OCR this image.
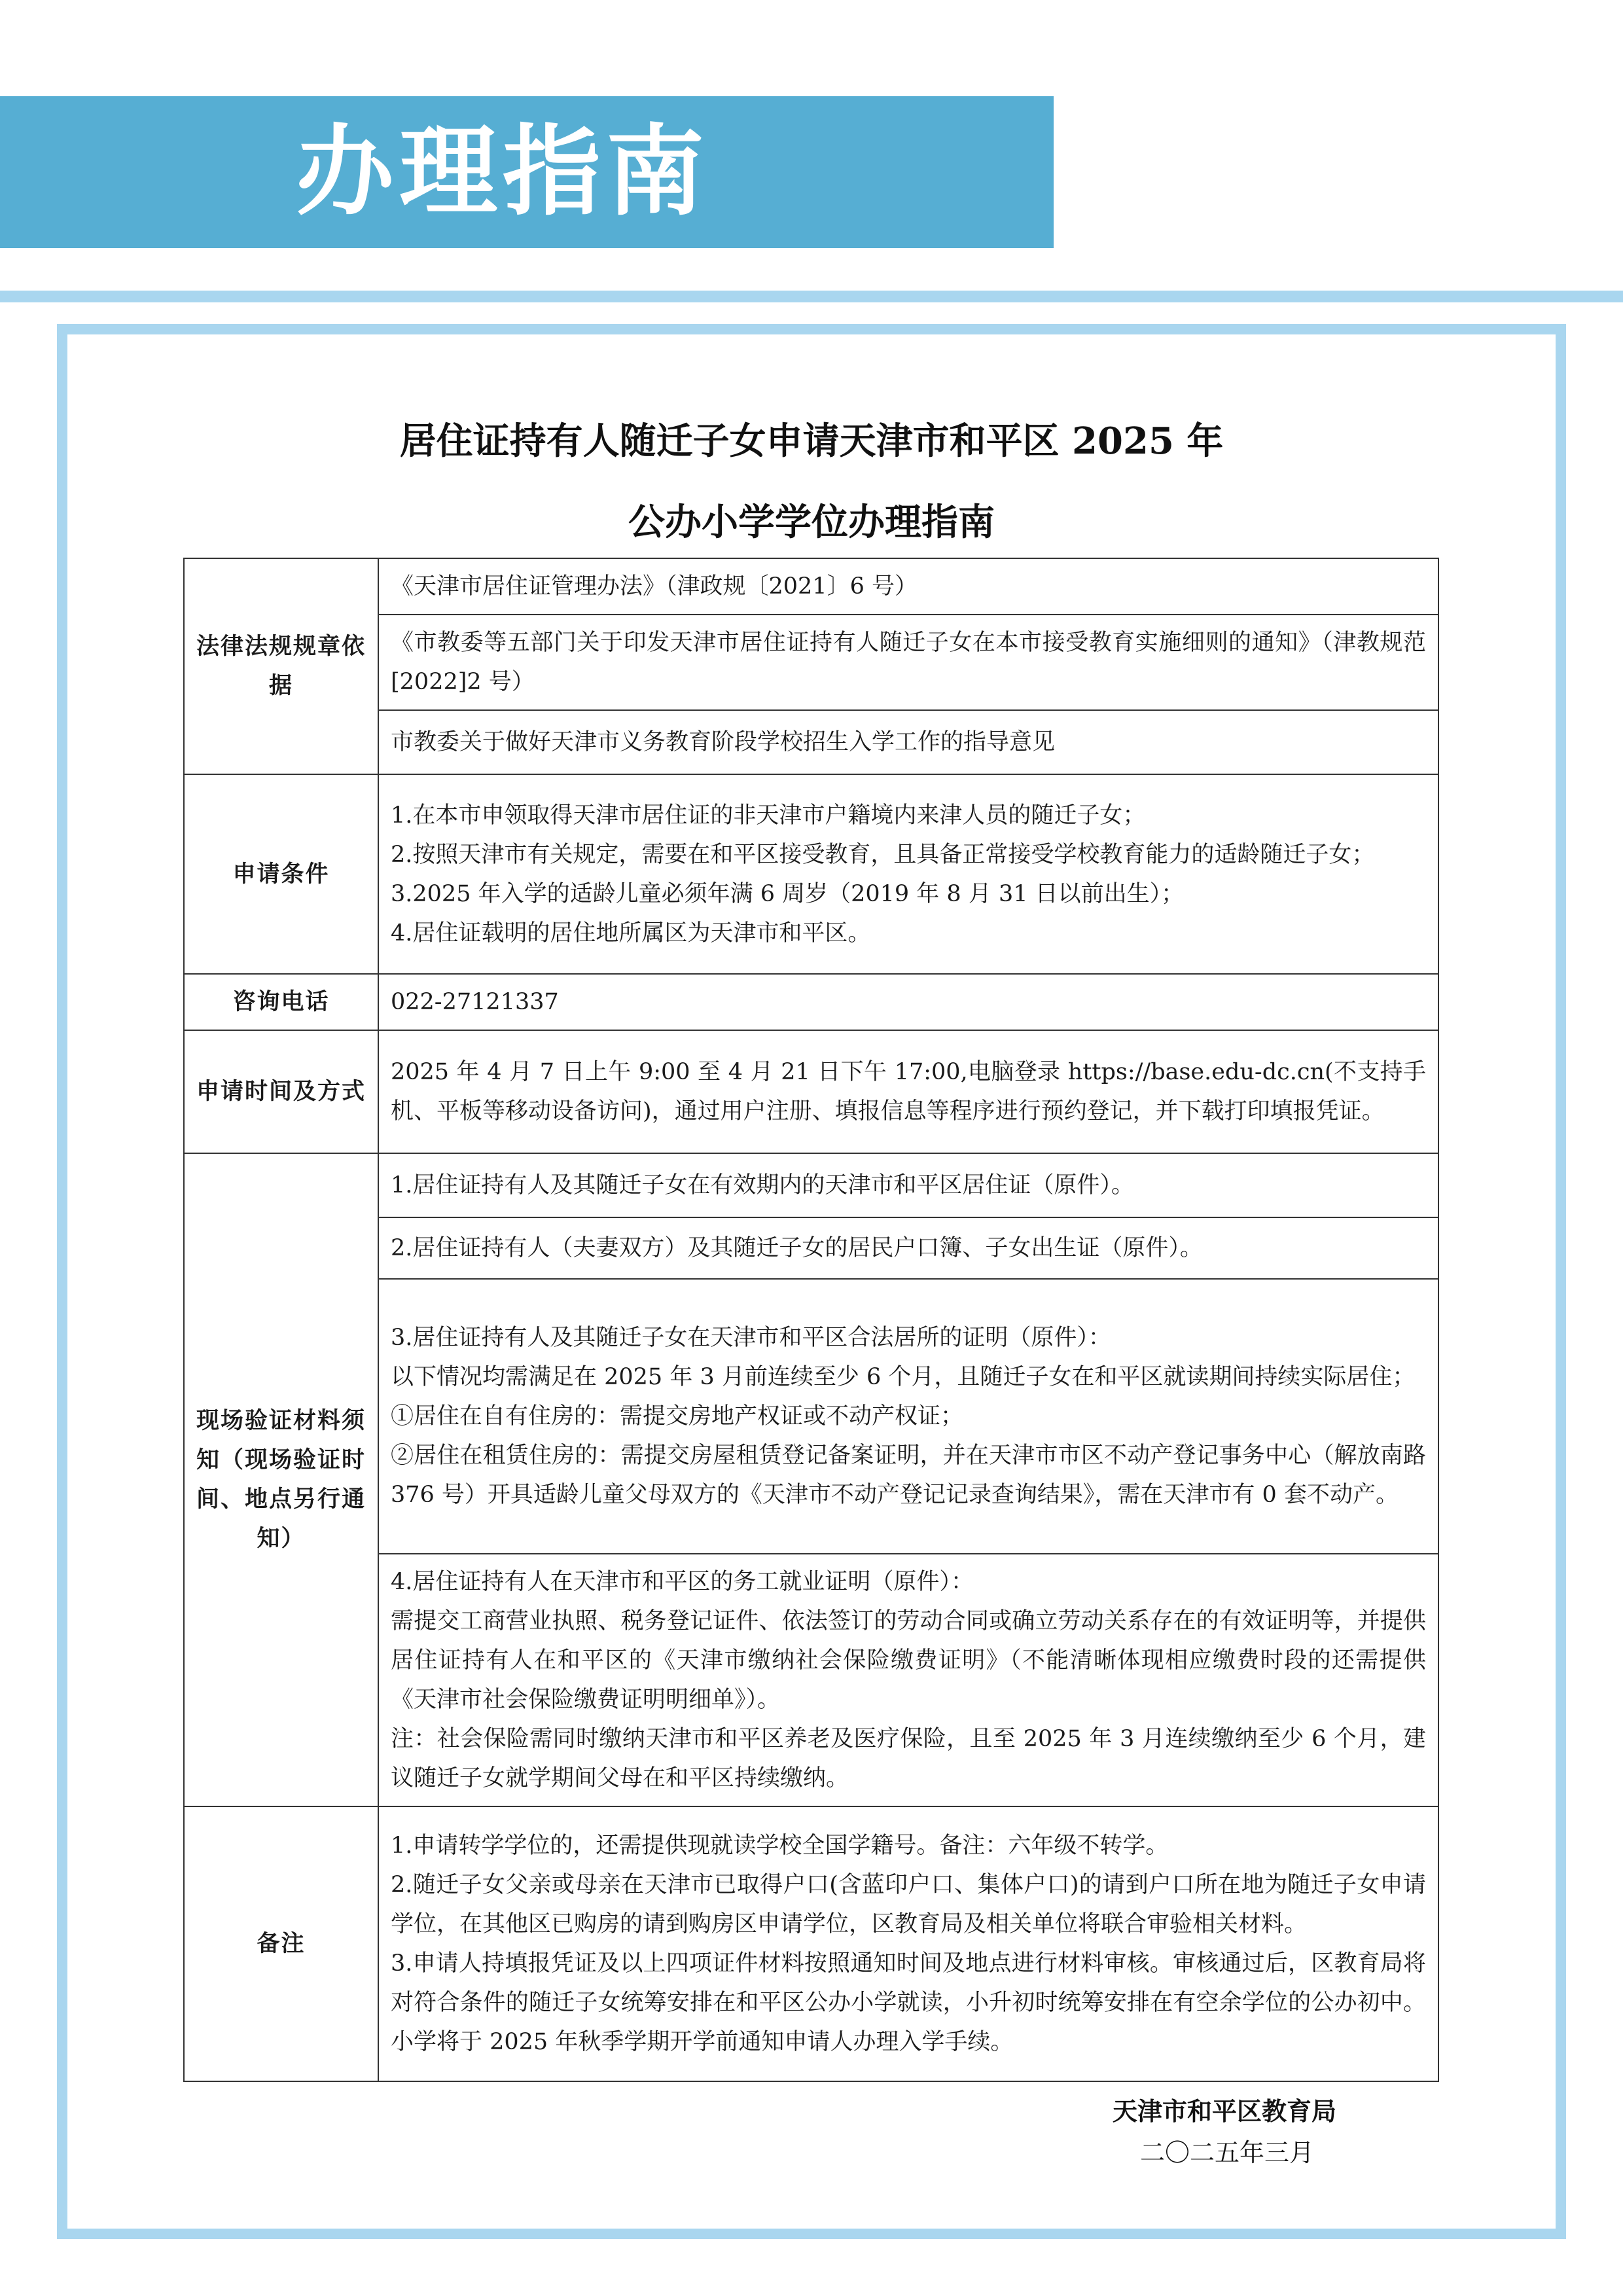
办理指南
居住证持有人随迁子女申请天津市和平区 2025 年
公办小学学位办理指南
法律法规规章依据	《天津市居住证管理办法》（津政规〔2021〕6 号）
	《市教委等五部门关于印发天津市居住证持有人随迁子女在本市接受教育实施细则的通知》（津教规范[2022]2 号）
	市教委关于做好天津市义务教育阶段学校招生入学工作的指导意见
申请条件	1.在本市申领取得天津市居住证的非天津市户籍境内来津人员的随迁子女；

2.按照天津市有关规定，需要在和平区接受教育，且具备正常接受学校教育能力的适龄随迁子女；

3.2025 年入学的适龄儿童必须年满 6 周岁（2019 年 8 月 31 日以前出生）；

4.居住证载明的居住地所属区为天津市和平区。

咨询电话	022-27121337
申请时间及方式	2025 年 4 月 7 日上午 9:00 至 4 月 21 日下午 17:00,电脑登录 https://base.edu-dc.cn(不支持手机、平板等移动设备访问)，通过用户注册、填报信息等程序进行预约登记，并下载打印填报凭证。
现场验证材料须知（现场验证时间、地点另行通知）	1.居住证持有人及其随迁子女在有效期内的天津市和平区居住证（原件）。
	2.居住证持有人（夫妻双方）及其随迁子女的居民户口簿、子女出生证（原件）。

	3.居住证持有人及其随迁子女在天津市和平区合法居所的证明（原件）：

以下情况均需满足在 2025 年 3 月前连续至少 6 个月，且随迁子女在和平区就读期间持续实际居住；

①居住在自有住房的：需提交房地产权证或不动产权证；

②居住在租赁住房的：需提交房屋租赁登记备案证明，并在天津市市区不动产登记事务中心（解放南路 376 号）开具适龄儿童父母双方的《天津市不动产登记记录查询结果》，需在天津市有 0 套不动产。

	4.居住证持有人在天津市和平区的务工就业证明（原件）：

需提交工商营业执照、税务登记证件、依法签订的劳动合同或确立劳动关系存在的有效证明等，并提供居住证持有人在和平区的《天津市缴纳社会保险缴费证明》（不能清晰体现相应缴费时段的还需提供《天津市社会保险缴费证明明细单》）。

注：社会保险需同时缴纳天津市和平区养老及医疗保险，且至 2025 年 3 月连续缴纳至少 6 个月，建议随迁子女就学期间父母在和平区持续缴纳。

备注	1.申请转学学位的，还需提供现就读学校全国学籍号。备注：六年级不转学。

2.随迁子女父亲或母亲在天津市已取得户口(含蓝印户口、集体户口)的请到户口所在地为随迁子女申请学位，在其他区已购房的请到购房区申请学位，区教育局及相关单位将联合审验相关材料。

3.申请人持填报凭证及以上四项证件材料按照通知时间及地点进行材料审核。审核通过后，区教育局将对符合条件的随迁子女统筹安排在和平区公办小学就读，小升初时统筹安排在有空余学位的公办初中。小学将于 2025 年秋季学期开学前通知申请人办理入学手续。

天津市和平区教育局
二〇二五年三月
